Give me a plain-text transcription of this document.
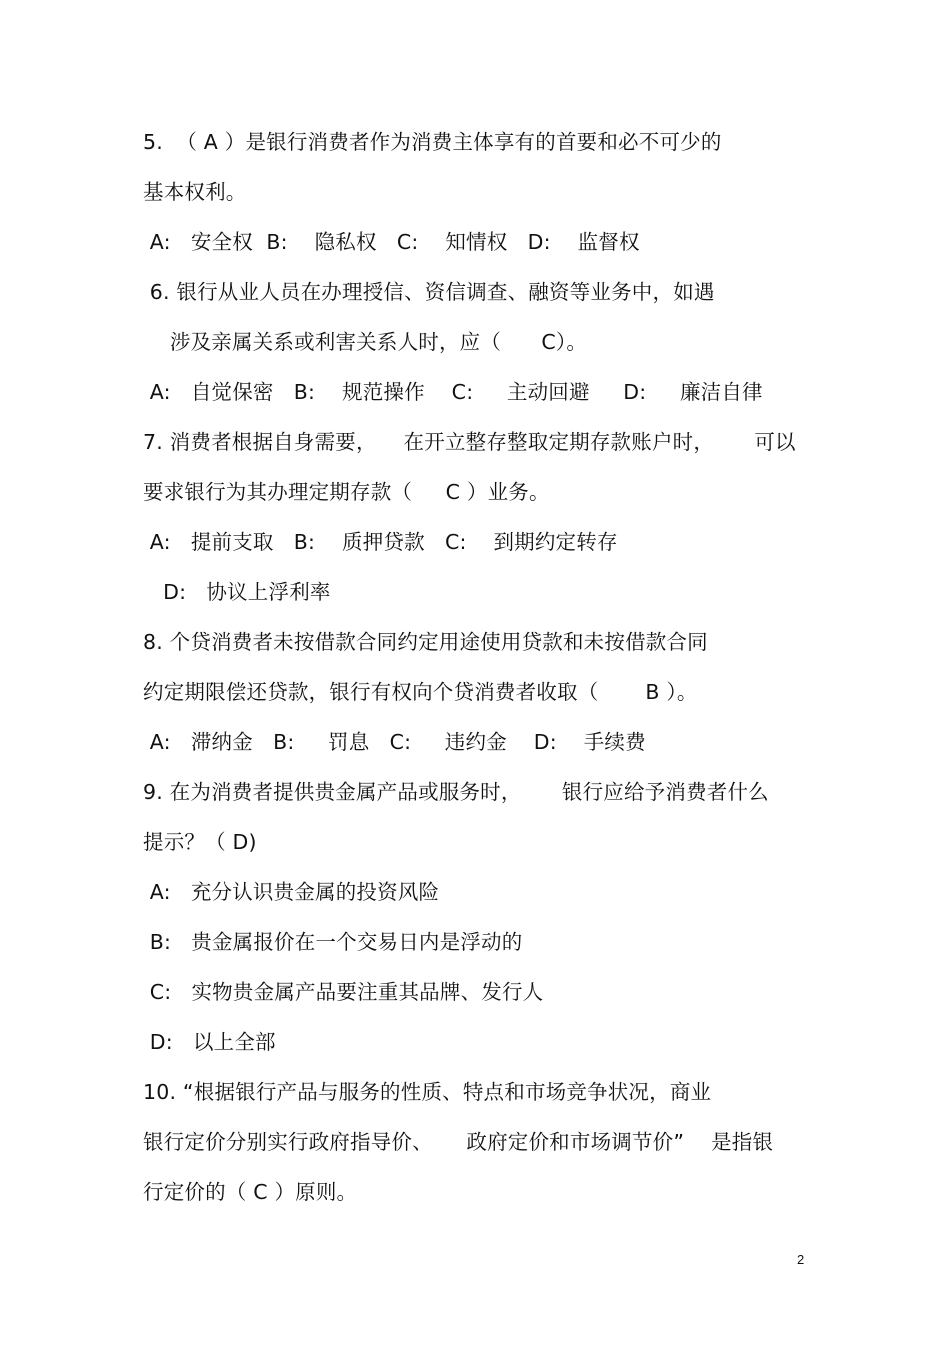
5.  （ A ）是银行消费者作为消费主体享有的首要和必不可少的
基本权利。
A:   安全权  B:    隐私权   C:    知情权   D:    监督权
6. 银行从业人员在办理授信、资信调查、融资等业务中，如遇
涉及亲属关系或利害关系人时，应（      C）。
A:   自觉保密   B:    规范操作    C:     主动回避     D:     廉洁自律
7. 消费者根据自身需要，    在开立整存整取定期存款账户时，      可以
要求银行为其办理定期存款（     C ）业务。
A:   提前支取   B:    质押贷款   C:    到期约定转存
D:   协议上浮利率
8. 个贷消费者未按借款合同约定用途使用贷款和未按借款合同
约定期限偿还贷款，银行有权向个贷消费者收取（       B ）。
A:   滞纳金   B:     罚息   C:     违约金    D:    手续费
9. 在为消费者提供贵金属产品或服务时，      银行应给予消费者什么
提示？（ D)
A:   充分认识贵金属的投资风险
B:   贵金属报价在一个交易日内是浮动的
C:   实物贵金属产品要注重其品牌、发行人
D:   以上全部
10. “根据银行产品与服务的性质、特点和市场竞争状况，商业
银行定价分别实行政府指导价、     政府定价和市场调节价”    是指银
行定价的（ C ）原则。
2
